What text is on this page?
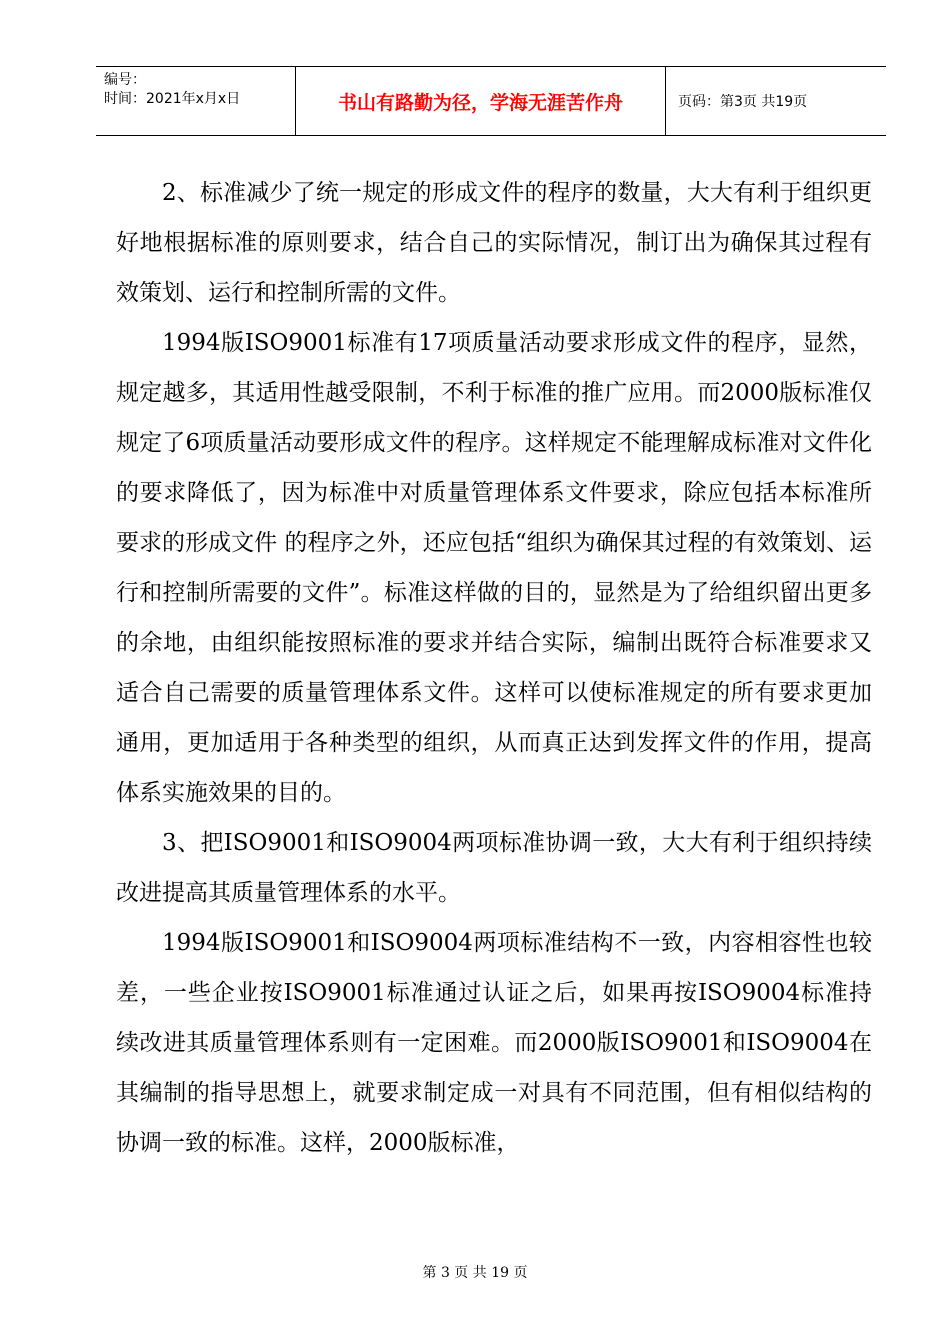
编号：
时间：2021年x月x日	书山有路勤为径，学海无涯苦作舟	页码：第3页 共19页

2、标准减少了统一规定的形成文件的程序的数量，大大有利于组织更好地根据标准的原则要求，结合自己的实际情况，制订出为确保其过程有效策划、运行和控制所需的文件。

1994版ISO9001标准有17项质量活动要求形成文件的程序，显然，规定越多，其适用性越受限制，不利于标准的推广应用。而2000版标准仅规定了6项质量活动要形成文件的程序。这样规定不能理解成标准对文件化的要求降低了，因为标准中对质量管理体系文件要求，除应包括本标准所要求的形成文件 的程序之外，还应包括“组织为确保其过程的有效策划、运行和控制所需要的文件”。标准这样做的目的，显然是为了给组织留出更多的余地，由组织能按照标准的要求并结合实际，编制出既符合标准要求又适合自己需要的质量管理体系文件。这样可以使标准规定的所有要求更加通用，更加适用于各种类型的组织，从而真正达到发挥文件的作用，提高体系实施效果的目的。

3、把ISO9001和ISO9004两项标准协调一致，大大有利于组织持续改进提高其质量管理体系的水平。

1994版ISO9001和ISO9004两项标准结构不一致，内容相容性也较差，一些企业按ISO9001标准通过认证之后，如果再按ISO9004标准持续改进其质量管理体系则有一定困难。而2000版ISO9001和ISO9004在其编制的指导思想上，就要求制定成一对具有不同范围，但有相似结构的协调一致的标准。这样，2000版标准，

第 3 页 共 19 页
